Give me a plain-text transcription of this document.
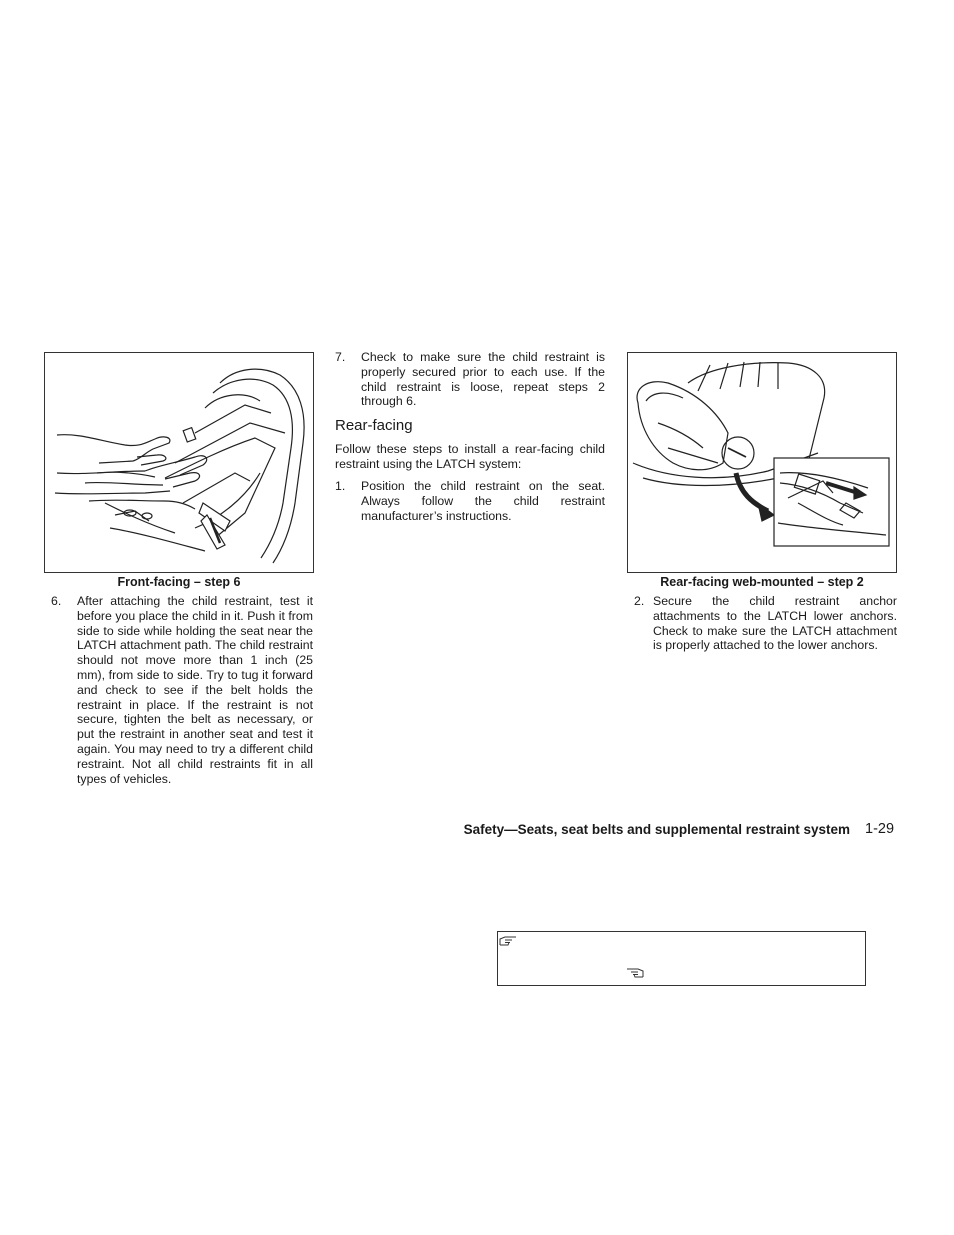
Front-facing – step 6
6. After attaching the child restraint, test it before you place the child in it. Push it from side to side while holding the seat near the LATCH attachment path. The child restraint should not move more than 1 inch (25 mm), from side to side. Try to tug it forward and check to see if the belt holds the restraint in place. If the restraint is not secure, tighten the belt as necessary, or put the restraint in another seat and test it again. You may need to try a different child restraint. Not all child restraints fit in all types of vehicles.
7. Check to make sure the child restraint is properly secured prior to each use. If the child restraint is loose, repeat steps 2 through 6.
Rear-facing
Follow these steps to install a rear-facing child restraint using the LATCH system:
1. Position the child restraint on the seat. Always follow the child restraint manufacturer’s instructions.
Rear-facing web-mounted – step 2
2. Secure the child restraint anchor attachments to the LATCH lower anchors. Check to make sure the LATCH attachment is properly attached to the lower anchors.
Safety—Seats, seat belts and supplemental restraint system 1-29
